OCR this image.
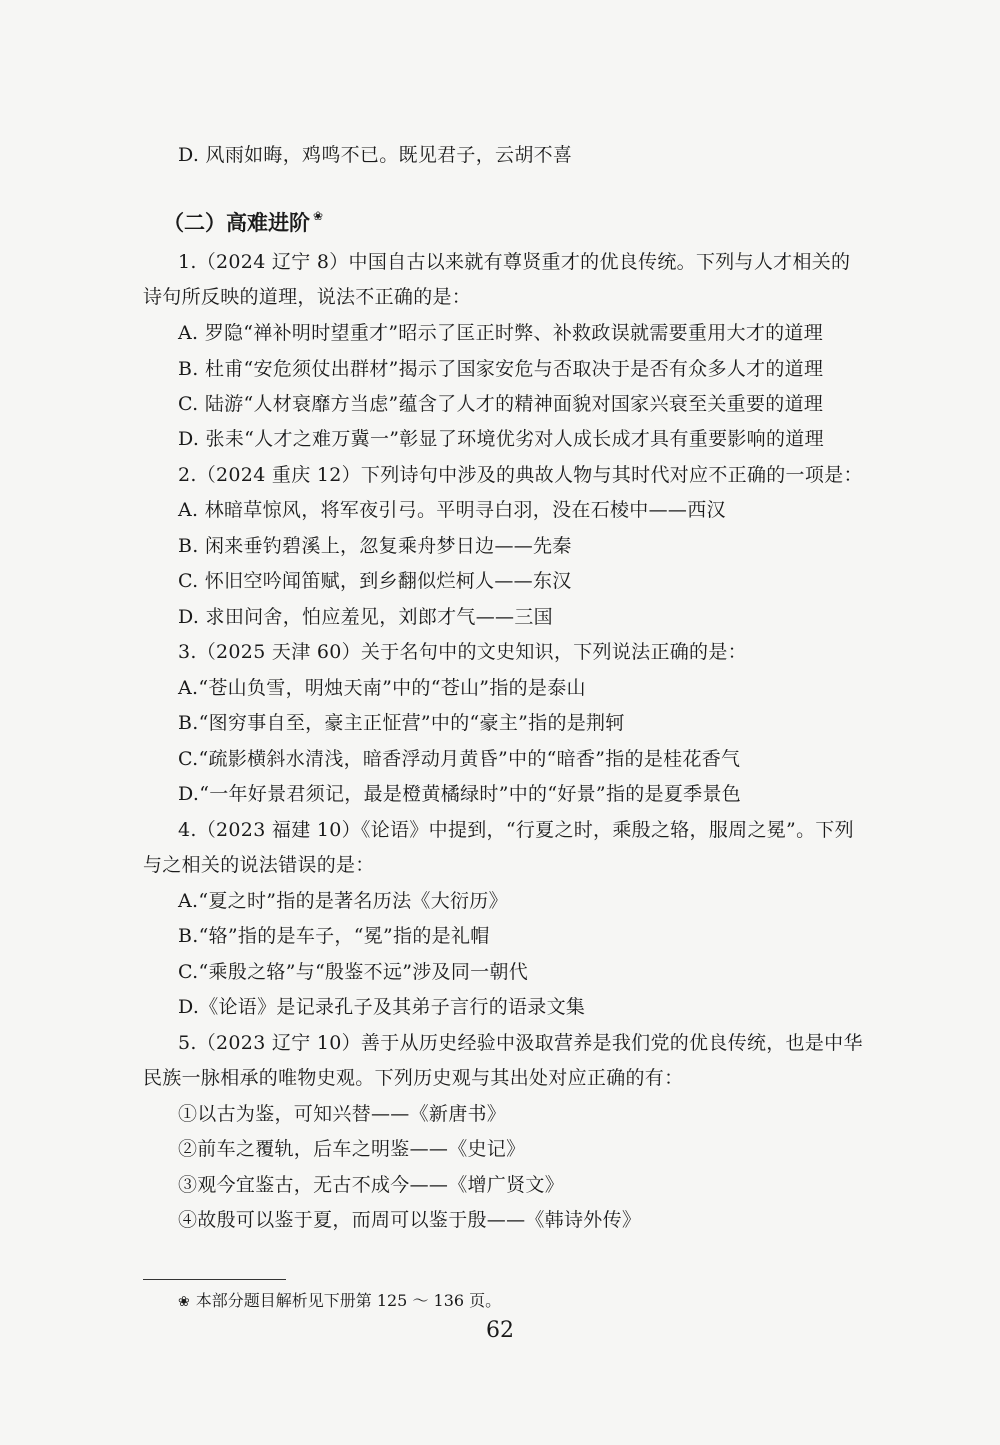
D. 风雨如晦，鸡鸣不已。既见君子，云胡不喜
（二）高难进阶 ❀
1.（2024 辽宁 8）中国自古以来就有尊贤重才的优良传统。下列与人才相关的
诗句所反映的道理，说法不正确的是：
A. 罗隐“禅补明时望重才”昭示了匡正时弊、补救政误就需要重用大才的道理
B. 杜甫“安危须仗出群材”揭示了国家安危与否取决于是否有众多人才的道理
C. 陆游“人材衰靡方当虑”蕴含了人才的精神面貌对国家兴衰至关重要的道理
D. 张耒“人才之难万冀一”彰显了环境优劣对人成长成才具有重要影响的道理
2.（2024 重庆 12）下列诗句中涉及的典故人物与其时代对应不正确的一项是：
A. 林暗草惊风，将军夜引弓。平明寻白羽，没在石棱中——西汉
B. 闲来垂钓碧溪上，忽复乘舟梦日边——先秦
C. 怀旧空吟闻笛赋，到乡翻似烂柯人——东汉
D. 求田问舍，怕应羞见，刘郎才气——三国
3.（2025 天津 60）关于名句中的文史知识，下列说法正确的是：
A.“苍山负雪，明烛天南”中的“苍山”指的是泰山
B.“图穷事自至，豪主正怔营”中的“豪主”指的是荆轲
C.“疏影横斜水清浅，暗香浮动月黄昏”中的“暗香”指的是桂花香气
D.“一年好景君须记，最是橙黄橘绿时”中的“好景”指的是夏季景色
4.（2023 福建 10）《论语》中提到，“行夏之时，乘殷之辂，服周之冕”。下列
与之相关的说法错误的是：
A.“夏之时”指的是著名历法《大衍历》
B.“辂”指的是车子，“冕”指的是礼帽
C.“乘殷之辂”与“殷鉴不远”涉及同一朝代
D.《论语》是记录孔子及其弟子言行的语录文集
5.（2023 辽宁 10）善于从历史经验中汲取营养是我们党的优良传统，也是中华
民族一脉相承的唯物史观。下列历史观与其出处对应正确的有：
①以古为鉴，可知兴替——《新唐书》
②前车之覆轨，后车之明鉴——《史记》
③观今宜鉴古，无古不成今——《增广贤文》
④故殷可以鉴于夏，而周可以鉴于殷——《韩诗外传》
❀ 本部分题目解析见下册第 125 ～ 136 页。
62
